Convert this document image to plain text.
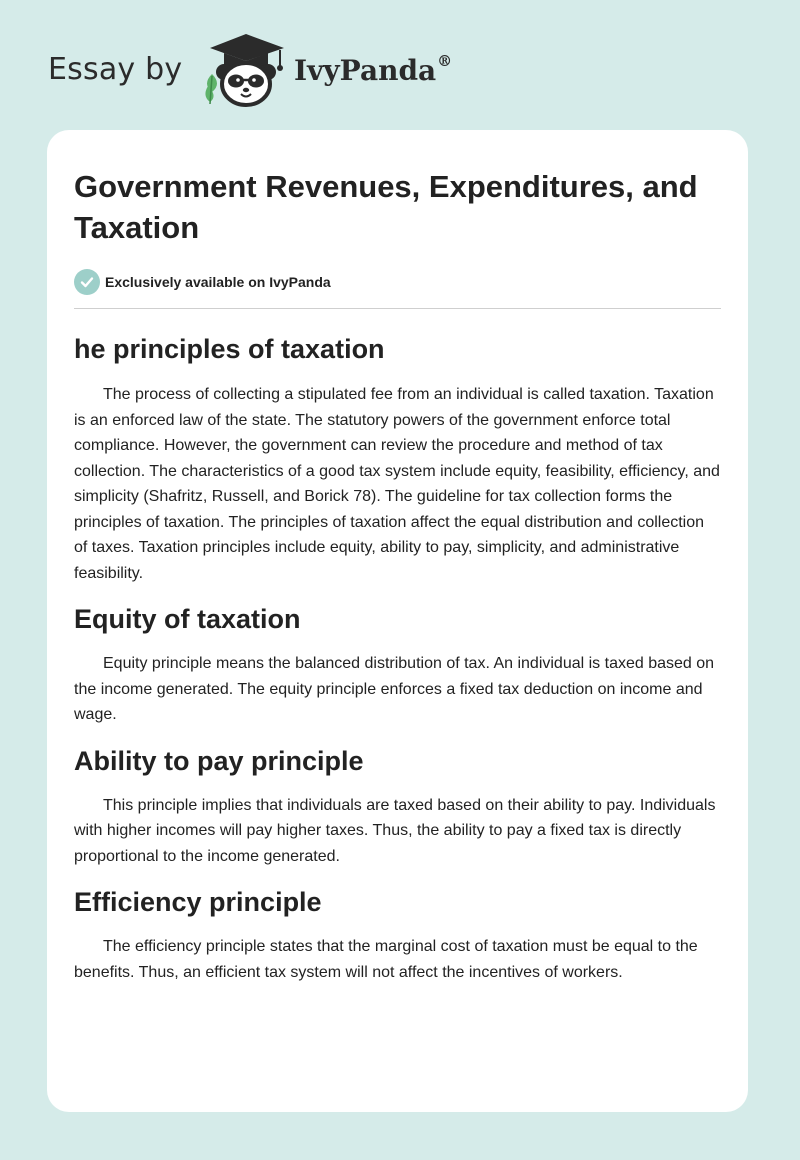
Essay by	IvyPanda®
Government Revenues, Expenditures, and Taxation
Exclusively available on IvyPanda
he principles of taxation

The process of collecting a stipulated fee from an individual is called taxation. Taxation is an enforced law of the state. The statutory powers of the government enforce total compliance. However, the government can review the procedure and method of tax collection. The characteristics of a good tax system include equity, feasibility, efficiency, and simplicity (Shafritz, Russell, and Borick 78). The guideline for tax collection forms the principles of taxation. The principles of taxation affect the equal distribution and collection of taxes. Taxation principles include equity, ability to pay, simplicity, and administrative feasibility.

Equity of taxation

Equity principle means the balanced distribution of tax. An individual is taxed based on the income generated. The equity principle enforces a fixed tax deduction on income and wage.

Ability to pay principle

This principle implies that individuals are taxed based on their ability to pay. Individuals with higher incomes will pay higher taxes. Thus, the ability to pay a fixed tax is directly proportional to the income generated.

Efficiency principle

The efficiency principle states that the marginal cost of taxation must be equal to the benefits. Thus, an efficient tax system will not affect the incentives of workers.
